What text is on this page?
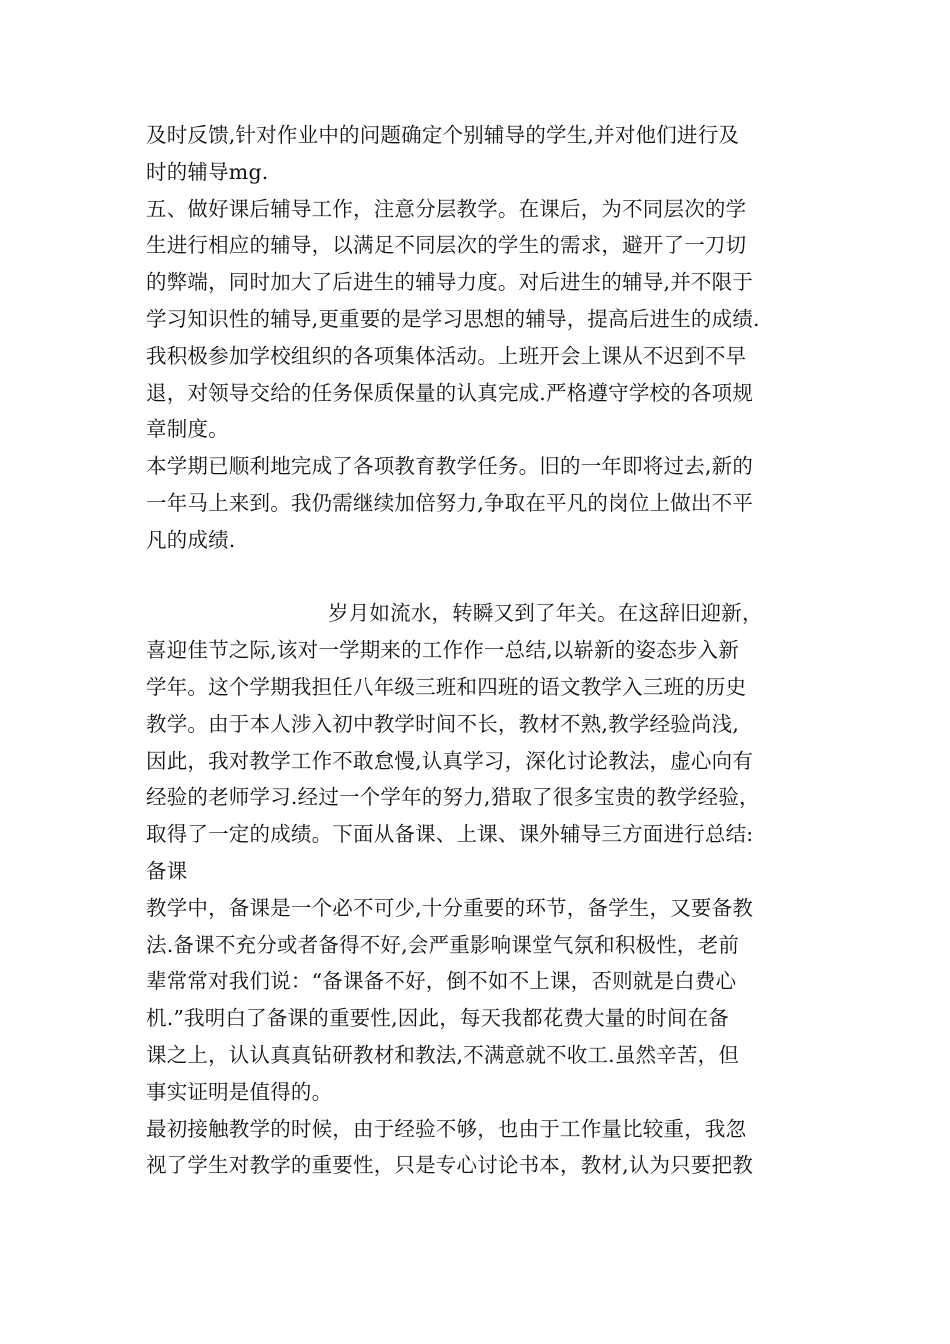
及时反馈,针对作业中的问题确定个别辅导的学生,并对他们进行及
时的辅导mg.
五、做好课后辅导工作，注意分层教学。在课后，为不同层次的学
生进行相应的辅导，以满足不同层次的学生的需求，避开了一刀切
的弊端，同时加大了后进生的辅导力度。对后进生的辅导,并不限于
学习知识性的辅导,更重要的是学习思想的辅导，提高后进生的成绩.
我积极参加学校组织的各项集体活动。上班开会上课从不迟到不早
退，对领导交给的任务保质保量的认真完成.严格遵守学校的各项规
章制度。
本学期已顺利地完成了各项教育教学任务。旧的一年即将过去,新的
一年马上来到。我仍需继续加倍努力,争取在平凡的岗位上做出不平
凡的成绩.
岁月如流水，转瞬又到了年关。在这辞旧迎新，
喜迎佳节之际,该对一学期来的工作作一总结,以崭新的姿态步入新
学年。这个学期我担任八年级三班和四班的语文教学入三班的历史
教学。由于本人涉入初中教学时间不长，教材不熟,教学经验尚浅,
因此，我对教学工作不敢怠慢,认真学习，深化讨论教法，虚心向有
经验的老师学习.经过一个学年的努力,猎取了很多宝贵的教学经验，
取得了一定的成绩。下面从备课、上课、课外辅导三方面进行总结:
备课
教学中，备课是一个必不可少,十分重要的环节，备学生，又要备教
法.备课不充分或者备得不好,会严重影响课堂气氛和积极性，老前
辈常常对我们说：“备课备不好，倒不如不上课，否则就是白费心
机.”我明白了备课的重要性,因此，每天我都花费大量的时间在备
课之上，认认真真钻研教材和教法,不满意就不收工.虽然辛苦，但
事实证明是值得的。
最初接触教学的时候，由于经验不够，也由于工作量比较重，我忽
视了学生对教学的重要性，只是专心讨论书本，教材,认为只要把教
